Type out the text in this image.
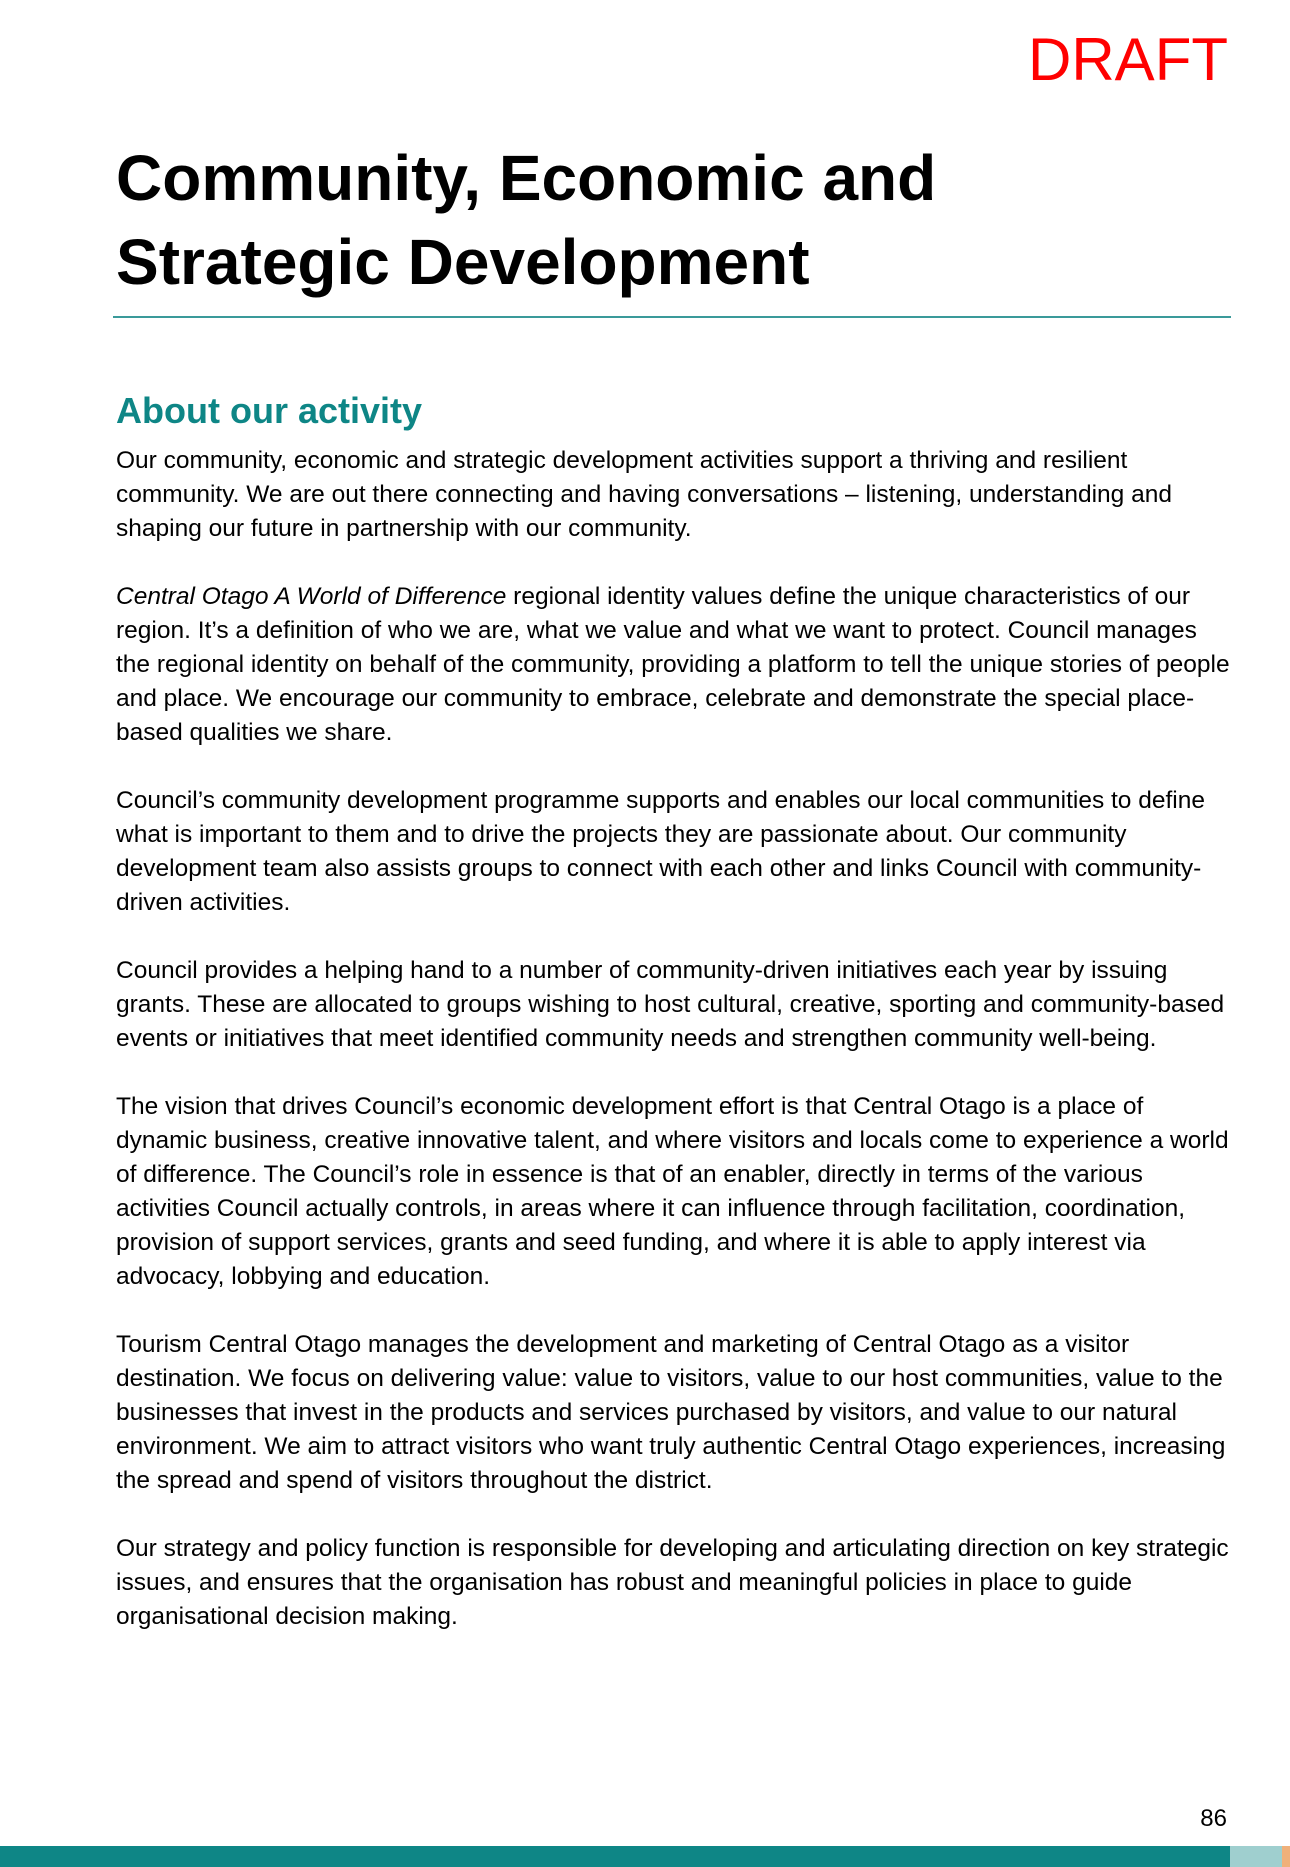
DRAFT
Community, Economic and
Strategic Development
About our activity

Our community, economic and strategic development activities support a thriving and resilient community. We are out there connecting and having conversations – listening, understanding and shaping our future in partnership with our community.

Central Otago A World of Difference regional identity values define the unique characteristics of our region. It’s a definition of who we are, what we value and what we want to protect. Council manages the regional identity on behalf of the community, providing a platform to tell the unique stories of people and place. We encourage our community to embrace, celebrate and demonstrate the special place-based qualities we share.

Council’s community development programme supports and enables our local communities to define what is important to them and to drive the projects they are passionate about. Our community development team also assists groups to connect with each other and links Council with community-driven activities.

Council provides a helping hand to a number of community-driven initiatives each year by issuing grants. These are allocated to groups wishing to host cultural, creative, sporting and community-based events or initiatives that meet identified community needs and strengthen community well-being.

The vision that drives Council’s economic development effort is that Central Otago is a place of dynamic business, creative innovative talent, and where visitors and locals come to experience a world of difference. The Council’s role in essence is that of an enabler, directly in terms of the various activities Council actually controls, in areas where it can influence through facilitation, coordination, provision of support services, grants and seed funding, and where it is able to apply interest via advocacy, lobbying and education.

Tourism Central Otago manages the development and marketing of Central Otago as a visitor destination. We focus on delivering value: value to visitors, value to our host communities, value to the businesses that invest in the products and services purchased by visitors, and value to our natural environment. We aim to attract visitors who want truly authentic Central Otago experiences, increasing the spread and spend of visitors throughout the district.

Our strategy and policy function is responsible for developing and articulating direction on key strategic issues, and ensures that the organisation has robust and meaningful policies in place to guide organisational decision making.

86
